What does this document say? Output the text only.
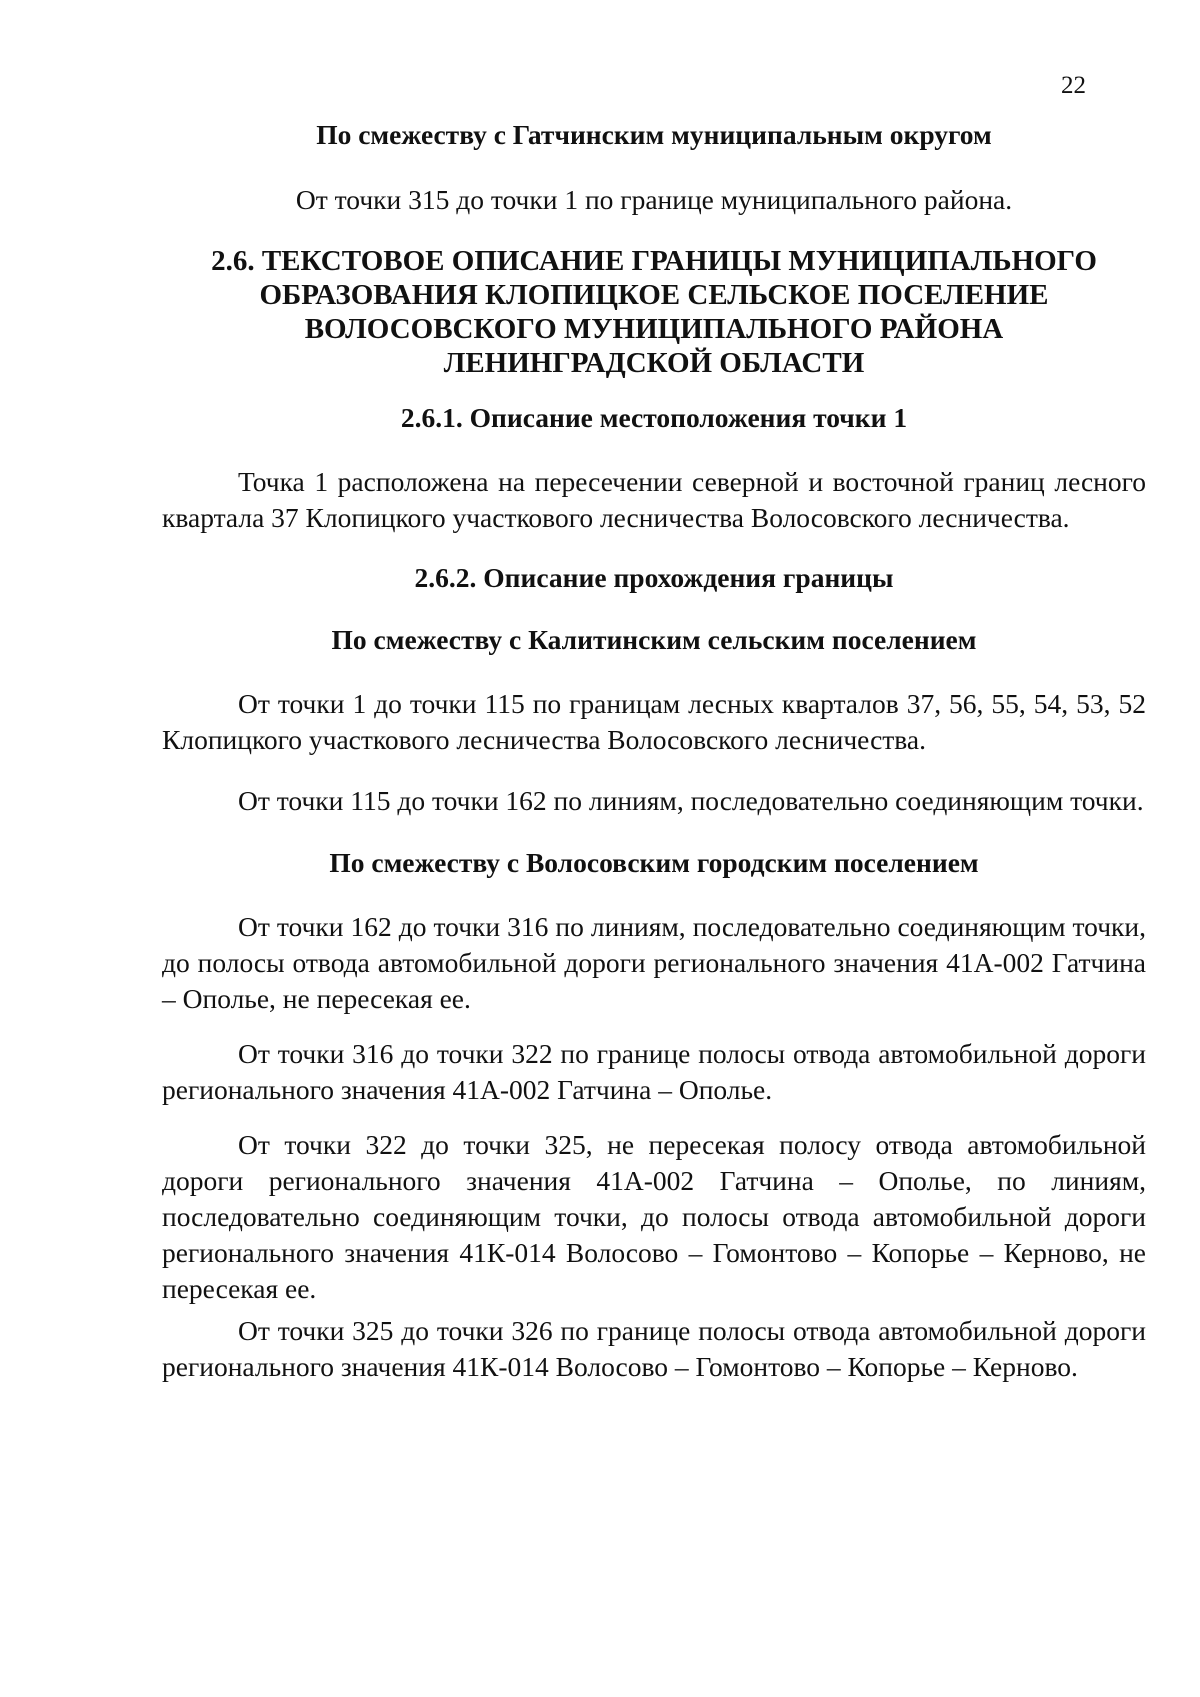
22
По смежеству с Гатчинским муниципальным округом
От точки 315 до точки 1 по границе муниципального района.
2.6. ТЕКСТОВОЕ ОПИСАНИЕ ГРАНИЦЫ МУНИЦИПАЛЬНОГО
ОБРАЗОВАНИЯ КЛОПИЦКОЕ СЕЛЬСКОЕ ПОСЕЛЕНИЕ
ВОЛОСОВСКОГО МУНИЦИПАЛЬНОГО РАЙОНА
ЛЕНИНГРАДСКОЙ ОБЛАСТИ
2.6.1. Описание местоположения точки 1
Точка 1 расположена на пересечении северной и восточной границ лесного квартала 37 Клопицкого участкового лесничества Волосовского лесничества.
2.6.2. Описание прохождения границы
По смежеству с Калитинским сельским поселением
От точки 1 до точки 115 по границам лесных кварталов 37, 56, 55, 54, 53, 52 Клопицкого участкового лесничества Волосовского лесничества.
От точки 115 до точки 162 по линиям, последовательно соединяющим точки.
По смежеству с Волосовским городским поселением
От точки 162 до точки 316 по линиям, последовательно соединяющим точки, до полосы отвода автомобильной дороги регионального значения 41А-002 Гатчина – Ополье, не пересекая ее.
От точки 316 до точки 322 по границе полосы отвода автомобильной дороги регионального значения 41А-002 Гатчина – Ополье.
От точки 322 до точки 325, не пересекая полосу отвода автомобильной дороги регионального значения 41А-002 Гатчина – Ополье, по линиям, последовательно соединяющим точки, до полосы отвода автомобильной дороги регионального значения 41К-014 Волосово – Гомонтово – Копорье – Керново, не пересекая ее.
От точки 325 до точки 326 по границе полосы отвода автомобильной дороги регионального значения 41К-014 Волосово – Гомонтово – Копорье – Керново.
